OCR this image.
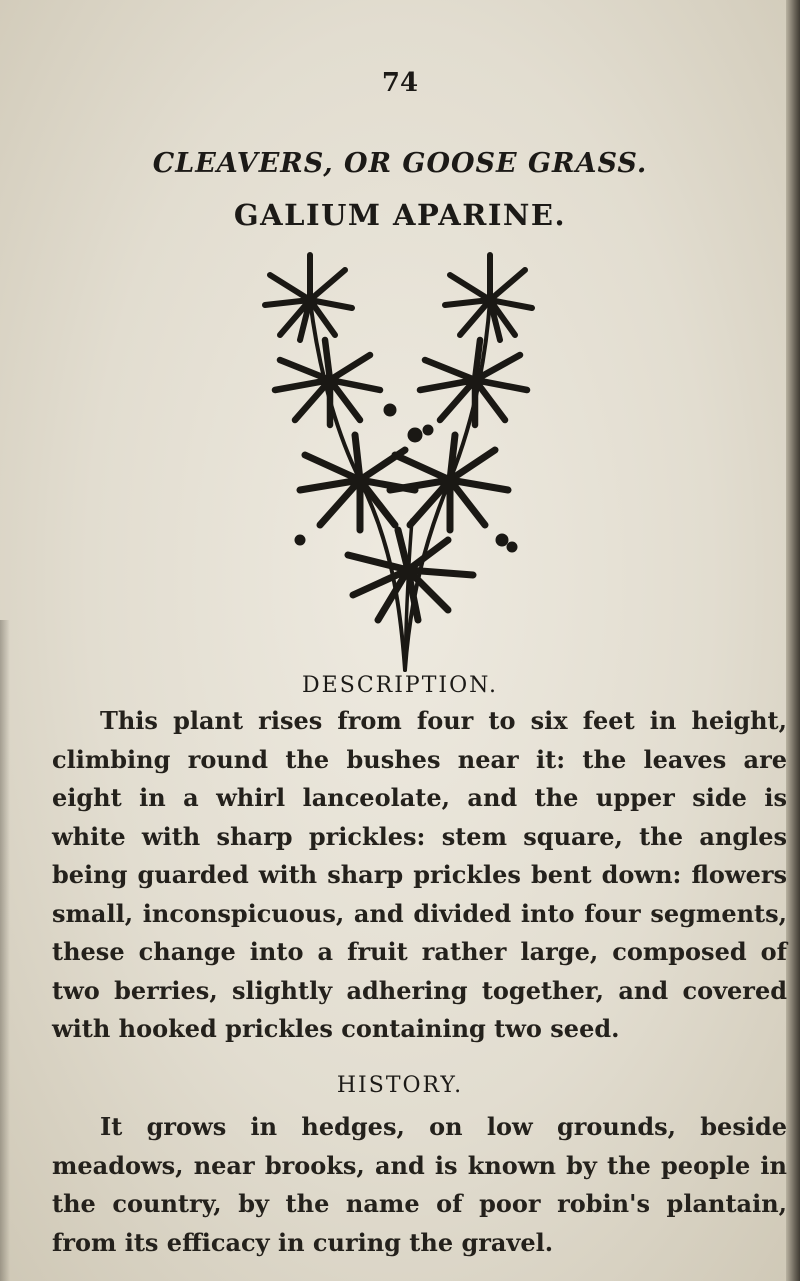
74
CLEAVERS, OR GOOSE GRASS.
GALIUM APARINE.
DESCRIPTION.
This plant rises from four to six feet in height, climbing round the bushes near it: the leaves are eight in a whirl lanceolate, and the upper side is white with sharp prickles: stem square, the angles being guarded with sharp prickles bent down: flowers small, inconspicuous, and divided into four segments, these change into a fruit rather large, composed of two berries, slightly adhering together, and covered with hooked prickles containing two seed.
HISTORY.
It grows in hedges, on low grounds, beside meadows, near brooks, and is known by the people in the country, by the name of poor robin's plantain, from its efficacy in curing the gravel.
